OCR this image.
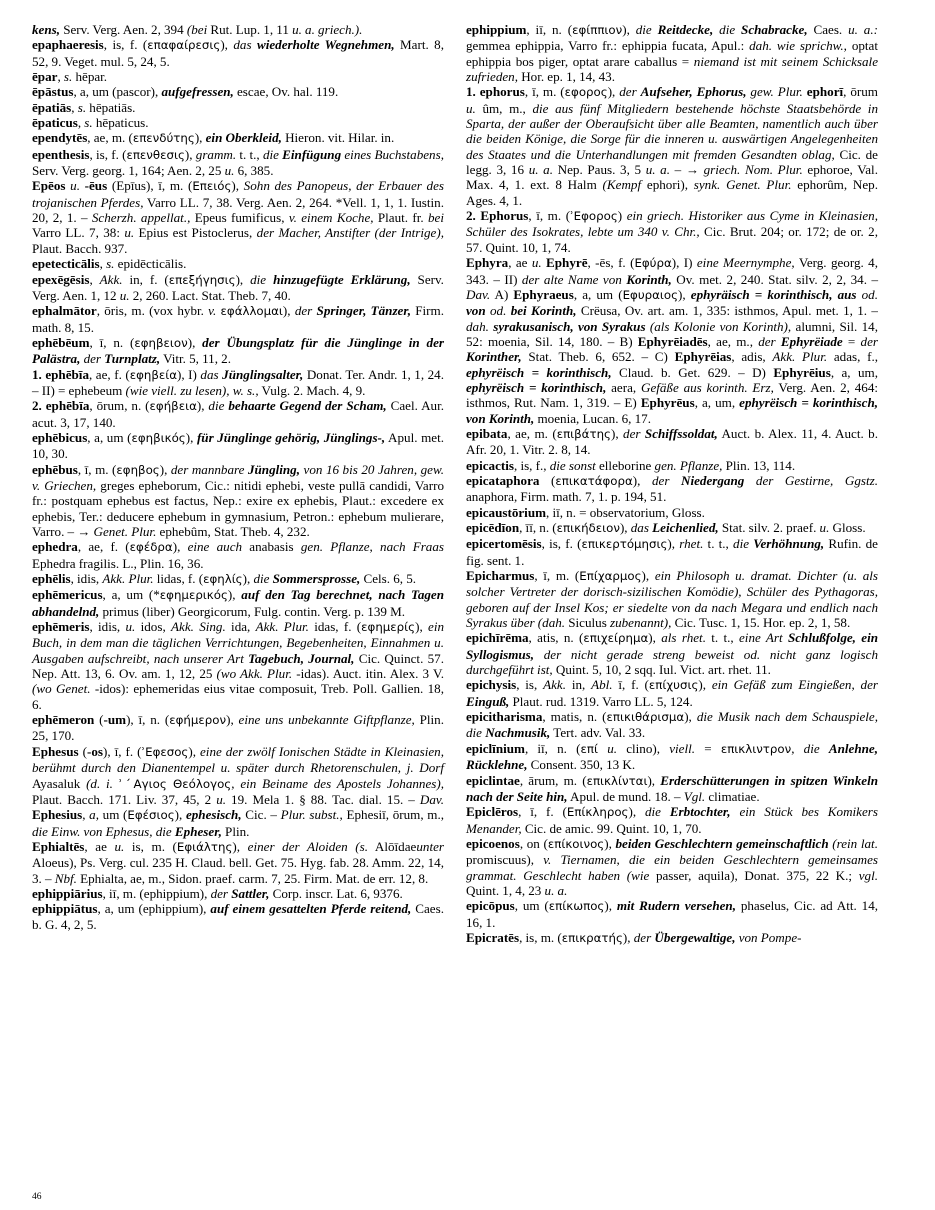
kens, Serv. Verg. Aen. 2, 394 (bei Rut. Lup. 1, 11 u. a. griech.).

epaphaeresis, is, f. (επαφαίρεσις), das wiederholte Wegnehmen, Mart. 8, 52, 9. Veget. mul. 5, 24, 5.

ēpar, s. hēpar.

ēpāstus, a, um (pascor), aufgefressen, escae, Ov. hal. 119.

ēpatiās, s. hēpatiās.

ēpaticus, s. hēpaticus.

ependytēs, ae, m. (επενδύτης), ein Oberkleid, Hieron. vit. Hilar. in.

epenthesis, is, f. (επενθεσις), gramm. t. t., die Einfügung eines Buchstabens, Serv. Verg. georg. 1, 164; Aen. 2, 25 u. 6, 385.

Epēos u. -ēus (Epīus), ī, m. (Επειός), Sohn des Panopeus, der Erbauer des trojanischen Pferdes, Varro LL. 7, 38. Verg. Aen. 2, 264. *Vell. 1, 1, 1. Iustin. 20, 2, 1. – Scherzh. appellat., Epeus fumificus, v. einem Koche, Plaut. fr. bei Varro LL. 7, 38: u. Epius est Pistoclerus, der Macher, Anstifter (der Intrige), Plaut. Bacch. 937.

epetecticālis, s. epidēcticālis.

epexēgēsis, Akk. in, f. (επεξήγησις), die hinzugefügte Erklärung, Serv. Verg. Aen. 1, 12 u. 2, 260. Lact. Stat. Theb. 7, 40.

ephalmātor, ōris, m. (vox hybr. v. εφάλλομαι), der Springer, Tänzer, Firm. math. 8, 15.

ephēbēum, ī, n. (εφηβειον), der Übungsplatz für die Jünglinge in der Palästra, der Turnplatz, Vitr. 5, 11, 2.

1. ephēbīa, ae, f. (εφηβεία), I) das Jünglingsalter, Donat. Ter. Andr. 1, 1, 24. – II) = ephebeum (wie viell. zu lesen), w. s., Vulg. 2. Mach. 4, 9.

2. ephēbīa, ōrum, n. (εφήβεια), die behaarte Gegend der Scham, Cael. Aur. acut. 3, 17, 140.

ephēbicus, a, um (εφηβικός), für Jünglinge gehörig, Jünglings-, Apul. met. 10, 30.

ephēbus, ī, m. (εφηβος), der mannbare Jüngling, von 16 bis 20 Jahren, gew. v. Griechen, greges epheborum, Cic.: nitidi ephebi, veste pullā candidi, Varro fr.: postquam ephebus est factus, Nep.: exire ex ephebis, Plaut.: excedere ex ephebis, Ter.: deducere ephebum in gymnasium, Petron.: ephebum mulierare, Varro. – → Genet. Plur. ephebûm, Stat. Theb. 4, 232.

ephedra, ae, f. (εφέδρα), eine auch anabasis gen. Pflanze, nach Fraas Ephedra fragilis. L., Plin. 16, 36.

ephēlis, idis, Akk. Plur. lidas, f. (εφηλίς), die Sommersprosse, Cels. 6, 5.

ephēmericus, a, um (*εφημερικός), auf den Tag berechnet, nach Tagen abhandelnd, primus (liber) Georgicorum, Fulg. contin. Verg. p. 139 M.

ephēmeris, idis, u. idos, Akk. Sing. ida, Akk. Plur. idas, f. (εφημερίς), ein Buch, in dem man die täglichen Verrichtungen, Begebenheiten, Einnahmen u. Ausgaben aufschreibt, nach unserer Art Tagebuch, Journal, Cic. Quinct. 57. Nep. Att. 13, 6. Ov. am. 1, 12, 25 (wo Akk. Plur. -idas). Auct. itin. Alex. 3 V. (wo Genet. -idos): ephemeridas eius vitae composuit, Treb. Poll. Gallien. 18, 6.

ephēmeron (-um), ī, n. (εφήμερον), eine uns unbekannte Giftpflanze, Plin. 25, 170.

Ephesus (-os), ī, f. (ʾΕφεσος), eine der zwölf Ionischen Städte in Kleinasien, berühmt durch den Dianentempel u. später durch Rhetorenschulen, j. Dorf Ayasaluk (d. i. ʾˊΑγιος Θεόλογος, ein Beiname des Apostels Johannes), Plaut. Bacch. 171. Liv. 37, 45, 2 u. 19. Mela 1. § 88. Tac. dial. 15. – Dav. Ephesius, a, um (Εφέσιος), ephesisch, Cic. – Plur. subst., Ephesiī, ōrum, m., die Einw. von Ephesus, die Epheser, Plin.

Ephialtēs, ae u. is, m. (Εφιάλτης), einer der Aloiden (s. Alōīdaeunter Aloeus), Ps. Verg. cul. 235 H. Claud. bell. Get. 75. Hyg. fab. 28. Amm. 22, 14, 3. – Nbf. Ephialta, ae, m., Sidon. praef. carm. 7, 25. Firm. Mat. de err. 12, 8.

ephippiārius, iī, m. (ephippium), der Sattler, Corp. inscr. Lat. 6, 9376.

ephippiātus, a, um (ephippium), auf einem gesattelten Pferde reitend, Caes. b. G. 4, 2, 5.

ephippium, iī, n. (εφίππιον), die Reitdecke, die Schabracke, Caes. u. a.: gemmea ephippia, Varro fr.: ephippia fucata, Apul.: dah. wie sprichw., optat ephippia bos piger, optat arare caballus = niemand ist mit seinem Schicksale zufrieden, Hor. ep. 1, 14, 43.

1. ephorus, ī, m. (εφορος), der Aufseher, Ephorus, gew. Plur. ephorī, ōrum u. ûm, m., die aus fünf Mitgliedern bestehende höchste Staatsbehörde in Sparta, der außer der Oberaufsicht über alle Beamten, namentlich auch über die beiden Könige, die Sorge für die inneren u. auswärtigen Angelegenheiten des Staates und die Unterhandlungen mit fremden Gesandten oblag, Cic. de legg. 3, 16 u. a. Nep. Paus. 3, 5 u. a. – → griech. Nom. Plur. ephoroe, Val. Max. 4, 1. ext. 8 Halm (Kempf ephori), synk. Genet. Plur. ephorûm, Nep. Ages. 4, 1.

2. Ephorus, ī, m. (ʾΕφορος) ein griech. Historiker aus Cyme in Kleinasien, Schüler des Isokrates, lebte um 340 v. Chr., Cic. Brut. 204; or. 172; de or. 2, 57. Quint. 10, 1, 74.

Ephyra, ae u. Ephyrē, -ēs, f. (Εφύρα), I) eine Meernymphe, Verg. georg. 4, 343. – II) der alte Name von Korinth, Ov. met. 2, 240. Stat. silv. 2, 2, 34. – Dav. A) Ephyraeus, a, um (Εφυραιος), ephyräisch = korinthisch, aus od. von od. bei Korinth, Crëusa, Ov. art. am. 1, 335: isthmos, Apul. met. 1, 1. – dah. syrakusanisch, von Syrakus (als Kolonie von Korinth), alumni, Sil. 14, 52: moenia, Sil. 14, 180. – B) Ephyrēiadēs, ae, m., der Ephyrëiade = der Korinther, Stat. Theb. 6, 652. – C) Ephyrēias, adis, Akk. Plur. adas, f., ephyrëisch = korinthisch, Claud. b. Get. 629. – D) Ephyrēius, a, um, ephyrëisch = korinthisch, aera, Gefäße aus korinth. Erz, Verg. Aen. 2, 464: isthmos, Rut. Nam. 1, 319. – E) Ephyrēus, a, um, ephyrëisch = korinthisch, von Korinth, moenia, Lucan. 6, 17.

epibata, ae, m. (επιβάτης), der Schiffssoldat, Auct. b. Alex. 11, 4. Auct. b. Afr. 20, 1. Vitr. 2. 8, 14.

epicactis, is, f., die sonst elleborine gen. Pflanze, Plin. 13, 114.

epicataphora (επικατάφορα), der Niedergang der Gestirne, Ggstz. anaphora, Firm. math. 7, 1. p. 194, 51.

epicaustōrium, iī, n. = observatorium, Gloss.

epicēdīon, īī, n. (επικήδειον), das Leichenlied, Stat. silv. 2. praef. u. Gloss.

epicertomēsis, is, f. (επικερτόμησις), rhet. t. t., die Verhöhnung, Rufin. de fig. sent. 1.

Epicharmus, ī, m. (Επίχαρμος), ein Philosoph u. dramat. Dichter (u. als solcher Vertreter der dorisch-sizilischen Komödie), Schüler des Pythagoras, geboren auf der Insel Kos; er siedelte von da nach Megara und endlich nach Syrakus über (dah. Siculus zubenannt), Cic. Tusc. 1, 15. Hor. ep. 2, 1, 58.

epichīrēma, atis, n. (επιχείρημα), als rhet. t. t., eine Art Schlußfolge, ein Syllogismus, der nicht gerade streng beweist od. nicht ganz logisch durchgeführt ist, Quint. 5, 10, 2 sqq. Iul. Vict. art. rhet. 11.

epichysis, is, Akk. in, Abl. ī, f. (επίχυσις), ein Gefäß zum Eingießen, der Einguß, Plaut. rud. 1319. Varro LL. 5, 124.

epicitharisma, matis, n. (επικιθάρισμα), die Musik nach dem Schauspiele, die Nachmusik, Tert. adv. Val. 33.

epiclīnium, iī, n. (επί u. clino), viell. = επικλιντρον, die Anlehne, Rücklehne, Consent. 350, 13 K.

epiclintae, ārum, m. (επικλίνται), Erderschütterungen in spitzen Winkeln nach der Seite hin, Apul. de mund. 18. – Vgl. climatiae.

Epiclēros, ī, f. (Επίκληρος), die Erbtochter, ein Stück bes Komikers Menander, Cic. de amic. 99. Quint. 10, 1, 70.

epicoenos, on (επίκοινος), beiden Geschlechtern gemeinschaftlich (rein lat. promiscuus), v. Tiernamen, die ein beiden Geschlechtern gemeinsames grammat. Geschlecht haben (wie passer, aquila), Donat. 375, 22 K.; vgl. Quint. 1, 4, 23 u. a.

epicōpus, um (επίκωπος), mit Rudern versehen, phaselus, Cic. ad Att. 14, 16, 1.

Epicratēs, is, m. (επικρατής), der Übergewaltige, von Pompe-

46
